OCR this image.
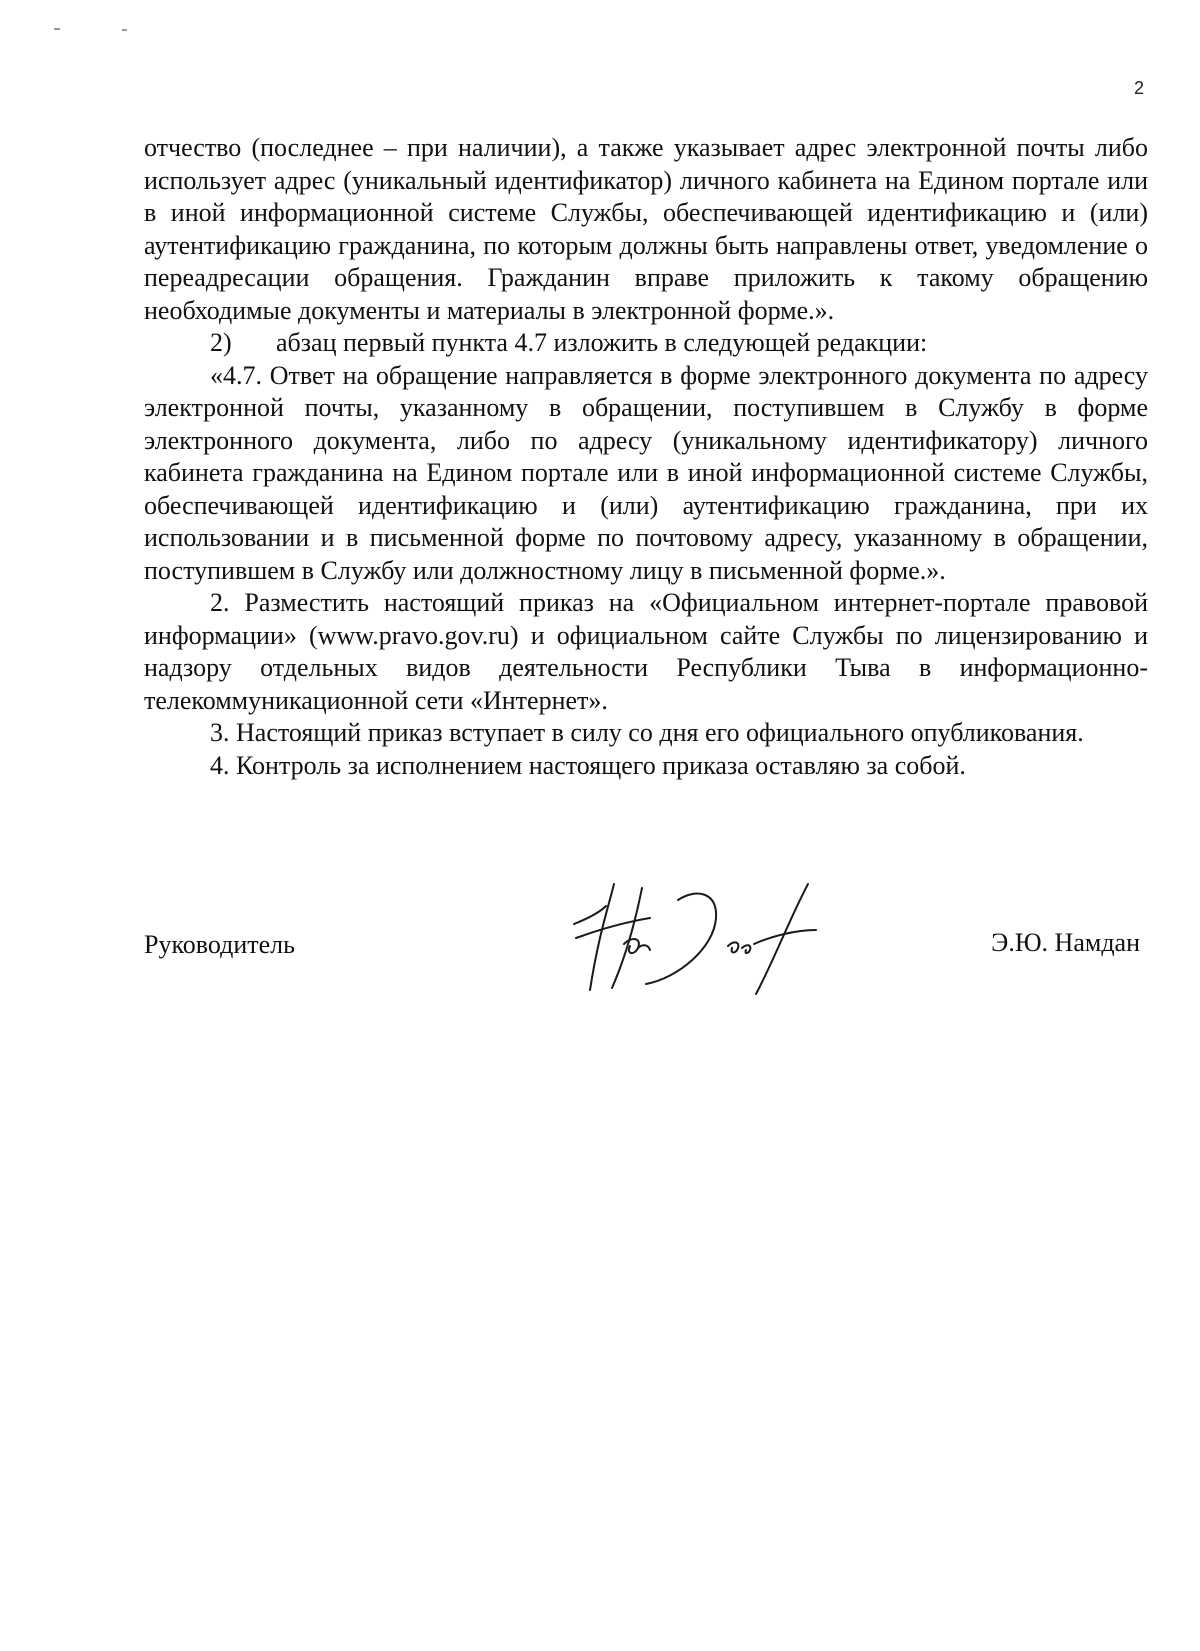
2

отчество (последнее – при наличии), а также указывает адрес электронной почты либо использует адрес (уникальный идентификатор) личного кабинета на Едином портале или в иной информационной системе Службы, обеспечивающей идентификацию и (или) аутентификацию гражданина, по которым должны быть направлены ответ, уведомление о переадресации обращения. Гражданин вправе приложить к такому обращению необходимые документы и материалы в электронной форме.».

2)	абзац первый пункта 4.7 изложить в следующей редакции:

«4.7. Ответ на обращение направляется в форме электронного документа по адресу электронной почты, указанному в обращении, поступившем в Службу в форме электронного документа, либо по адресу (уникальному идентификатору) личного кабинета гражданина на Едином портале или в иной информационной системе Службы, обеспечивающей идентификацию и (или) аутентификацию гражданина, при их использовании и в письменной форме по почтовому адресу, указанному в обращении, поступившем в Службу или должностному лицу в письменной форме.».

2. Разместить настоящий приказ на «Официальном интернет-портале правовой информации» (www.pravo.gov.ru) и официальном сайте Службы по лицензированию и надзору отдельных видов деятельности Республики Тыва в информационно-телекоммуникационной сети «Интернет».

3. Настоящий приказ вступает в силу со дня его официального опубликования.

4. Контроль за исполнением настоящего приказа оставляю за собой.

Руководитель	Э.Ю. Намдан
